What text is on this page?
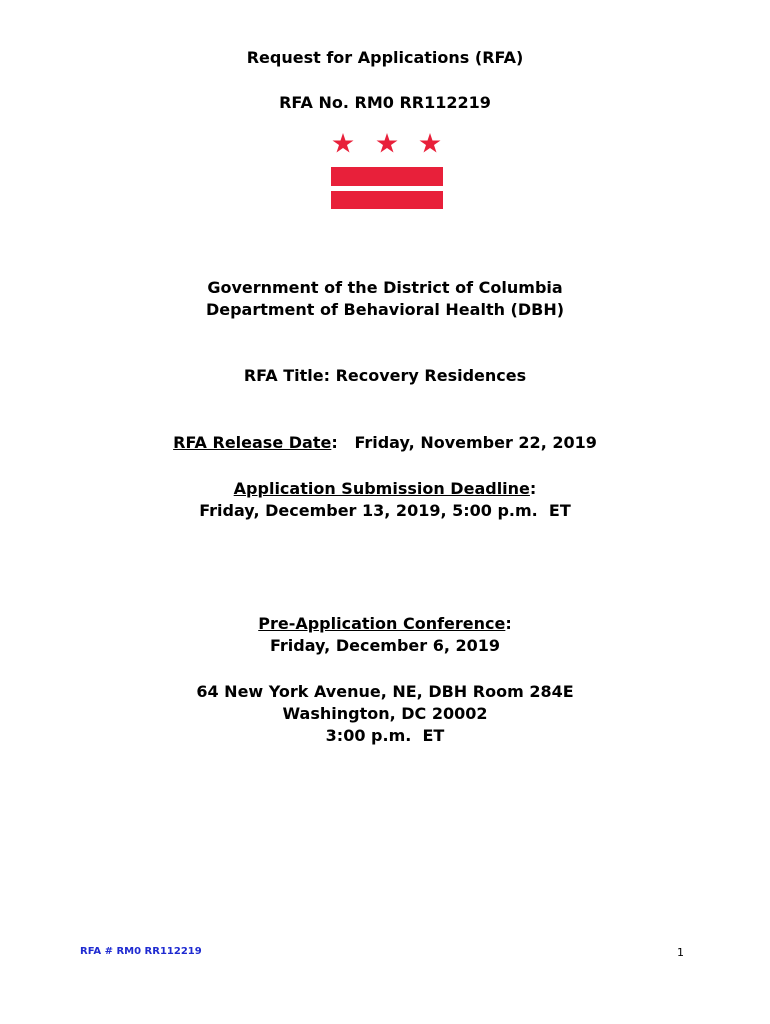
Request for Applications (RFA)
RFA No. RM0 RR112219
Government of the District of Columbia
Department of Behavioral Health (DBH)
RFA Title: Recovery Residences
RFA Release Date:   Friday, November 22, 2019
Application Submission Deadline:
Friday, December 13, 2019, 5:00 p.m.  ET
Pre-Application Conference:
Friday, December 6, 2019
64 New York Avenue, NE, DBH Room 284E
Washington, DC 20002
3:00 p.m.  ET
RFA # RM0 RR112219	1
